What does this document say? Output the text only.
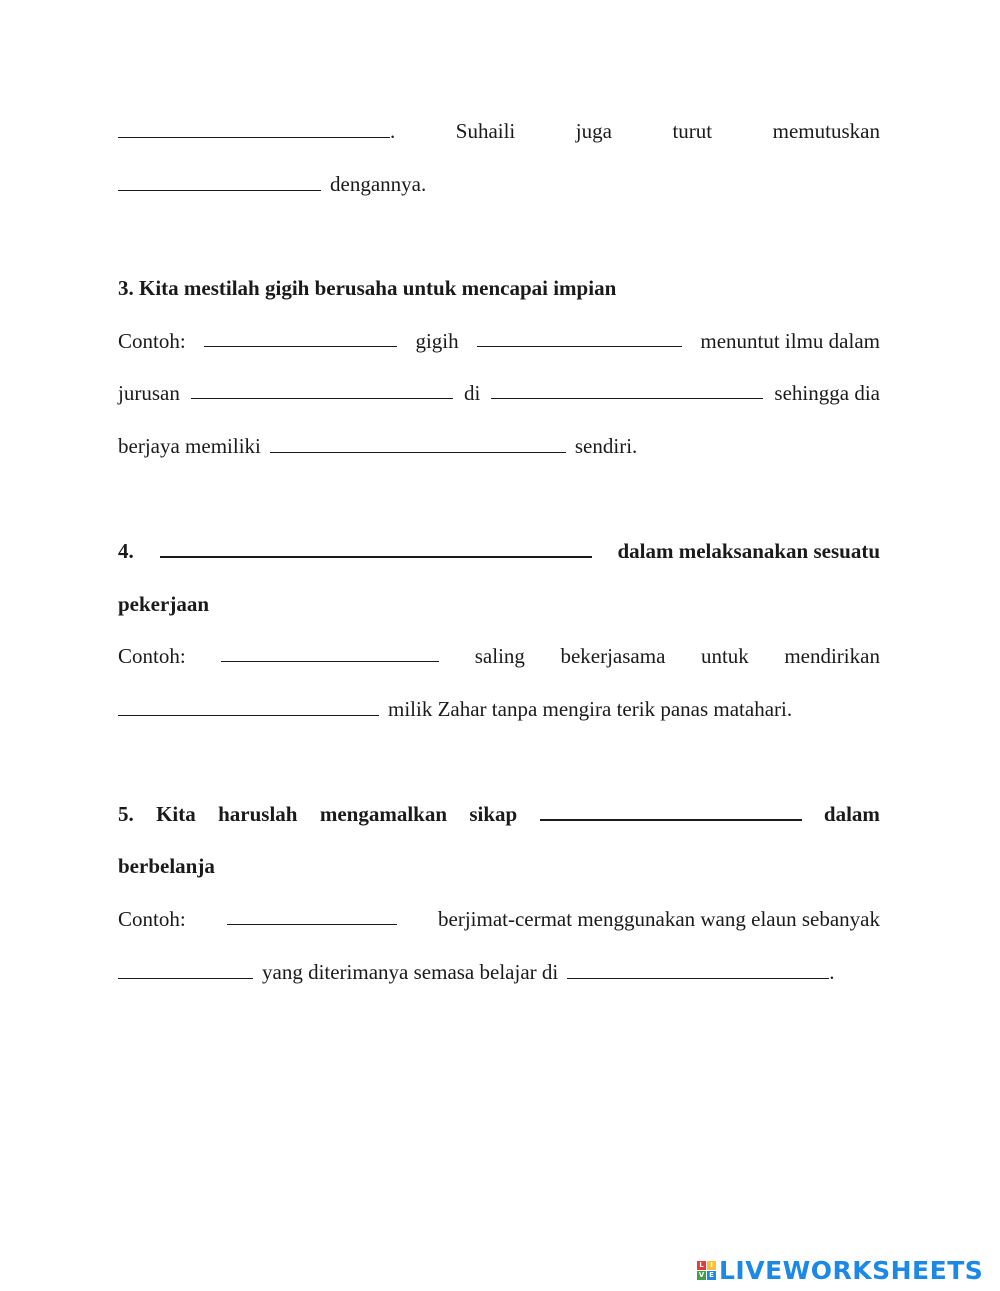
.	Suhaili	juga	turut	memutuskan
dengannya.
3. Kita mestilah gigih berusaha untuk mencapai impian
Contoh:	gigih	menuntut ilmu dalam
jurusan	di	sehingga dia
berjaya memiliki	sendiri.
4.	dalam melaksanakan sesuatu
pekerjaan
Contoh:	saling bekerjasama untuk mendirikan
milik Zahar tanpa mengira terik panas matahari.
5. Kita haruslah mengamalkan sikap	dalam
berbelanja
Contoh:	berjimat-cermat menggunakan wang elaun sebanyak
yang diterimanya semasa belajar di	.
L I
V E LIVEWORKSHEETS
